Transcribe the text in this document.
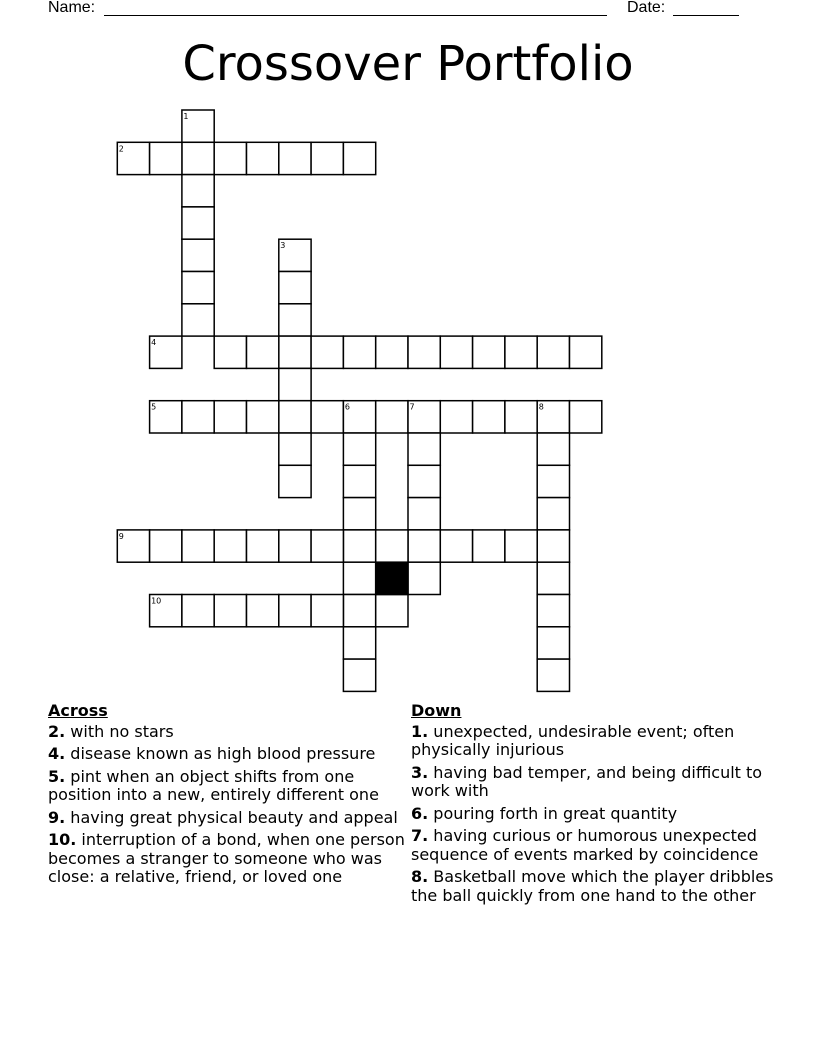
Name:	Date:
Crossover Portfolio
1
2
3
4
5	6	7	8
9
10
Across
2. with no stars
4. disease known as high blood pressure
5. pint when an object shifts from one position into a new, entirely different one
9. having great physical beauty and appeal
10. interruption of a bond, when one person becomes a stranger to someone who was close: a relative, friend, or loved one
Down
1. unexpected, undesirable event; often physically injurious
3. having bad temper, and being difficult to work with
6. pouring forth in great quantity
7. having curious or humorous unexpected sequence of events marked by coincidence
8. Basketball move which the player dribbles the ball quickly from one hand to the other
